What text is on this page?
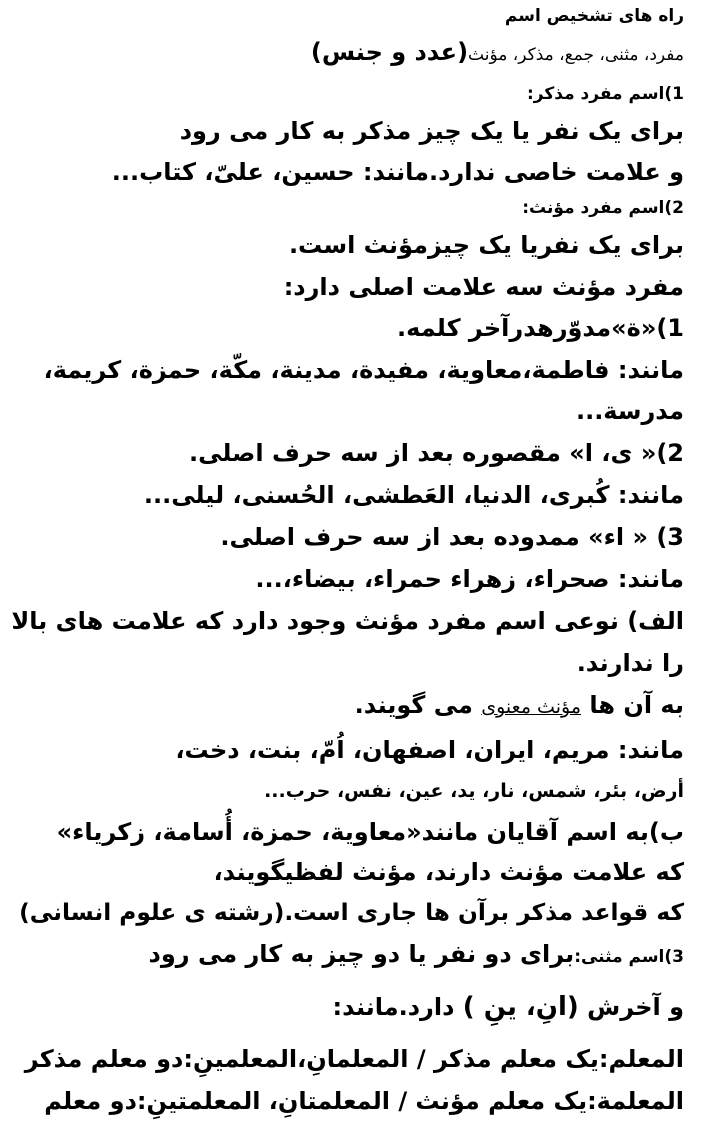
راه های تشخیص اسم
مفرد، مثنی، جمع، مذکر، مؤنث(عدد و جنس)
1)اسم مفرد مذکر:
برای یک نفر یا یک چیز مذکر به کار می رود
و علامت خاصی ندارد.مانند: حسین، علیّ، کتاب...
2)اسم مفرد مؤنث:
برای یک نفریا یک چیزمؤنث است.
مفرد مؤنث سه علامت اصلی دارد:
1)«ة»مدوّرهدرآخر کلمه.
مانند: فاطمة،معاوية، مفيدة، مدينة، مكّة، حمزة، كريمة،
مدرسة...
2)« ى، ا» مقصوره بعد از سه حرف اصلی.
مانند: كُبرى، الدنيا، العَطشى، الحُسنى، ليلى...
3) « اء» ممدوده بعد از سه حرف اصلی.
مانند: صحراء، زهراء حمراء، بيضاء،...
الف) نوعی اسم مفرد مؤنث وجود دارد که علامت های بالا
را ندارند.
به آن ها مؤنث معنوی می گویند.
مانند: مريم، ايران، اصفهان، اُمّ، بنت، دخت،
أرض، بئر، شمس، نار، يد، عين، نفس، حرب...
ب)به اسم آقایان مانند«معاوية، حمزة، أُسامة، زكرياء»
که علامت مؤنث دارند، مؤنث لفظیگویند،
که قواعد مذکر برآن ها جاری است.(رشته ی علوم انسانی)
3)اسم مثنی:برای دو نفر یا دو چیز به کار می رود
و آخرش (انِ، ينِ ) دارد.مانند:
المعلم:یک معلم مذکر / المعلمانِ،المعلمينِ:دو معلم مذکر
المعلمة:یک معلم مؤنث / المعلمتانِ، المعلمتينِ:دو معلم
